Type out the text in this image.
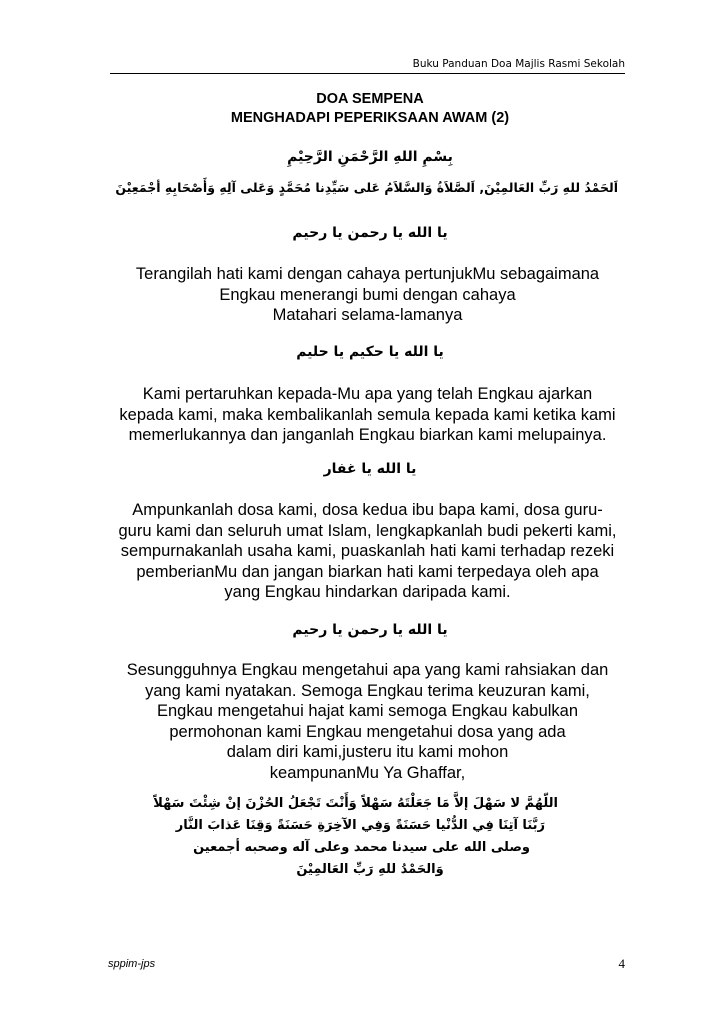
Buku Panduan Doa Majlis Rasmi Sekolah
DOA SEMPENA
MENGHADAPI PEPERIKSAAN AWAM (2)
بِسْمِ اللهِ الرَّحْمَنِ الرَّحِيْمِ
اَلحَمْدُ للهِ رَبِّ العَالمِيْنَ, اَلصَّلاَةُ وَالسَّلاَمُ عَلى سَيِّدِنا مُحَمَّدٍ وَعَلى آلِهِ وَأَصْحَابِهِ أجْمَعِيْنَ
يا الله يا رحمن يا رحيم
Terangilah hati kami dengan cahaya pertunjukMu sebagaimana
Engkau menerangi bumi dengan cahaya
Matahari selama-lamanya
يا الله يا حكيم يا حليم
Kami pertaruhkan kepada-Mu apa yang telah Engkau ajarkan
kepada kami, maka kembalikanlah semula kepada kami ketika kami
memerlukannya dan janganlah Engkau biarkan kami melupainya.
يا الله يا غفار
Ampunkanlah dosa kami, dosa kedua ibu bapa kami, dosa guru-
guru kami dan seluruh umat Islam, lengkapkanlah budi pekerti kami,
sempurnakanlah usaha kami, puaskanlah hati kami terhadap rezeki
pemberianMu dan jangan biarkan hati kami terpedaya oleh apa
yang Engkau hindarkan daripada kami.
يا الله يا رحمن يا رحيم
Sesungguhnya Engkau mengetahui apa yang kami rahsiakan dan
yang kami nyatakan. Semoga Engkau terima keuzuran kami,
Engkau mengetahui hajat kami semoga Engkau kabulkan
permohonan kami Engkau mengetahui dosa yang ada
dalam diri kami,justeru itu kami mohon
keampunanMu Ya Ghaffar,
اللّهُمَّ لا سَهْلَ إلاَّ مَا جَعَلْتَهُ سَهْلاً وَأَنْتَ تَجْعَلُ الحُزْنَ إنْ شِئْتَ سَهْلاً
رَبَّنَا آتِنَا فِي الدُّنْيا حَسَنَةً وَفِي الآخِرَةِ حَسَنَةً وَقِنَا عَذابَ النَّار
وصلى الله على سيدنا محمد وعلى آله وصحبه أجمعين
وَالحَمْدُ للهِ رَبِّ العَالمِيْنَ
sppim-jps	4
